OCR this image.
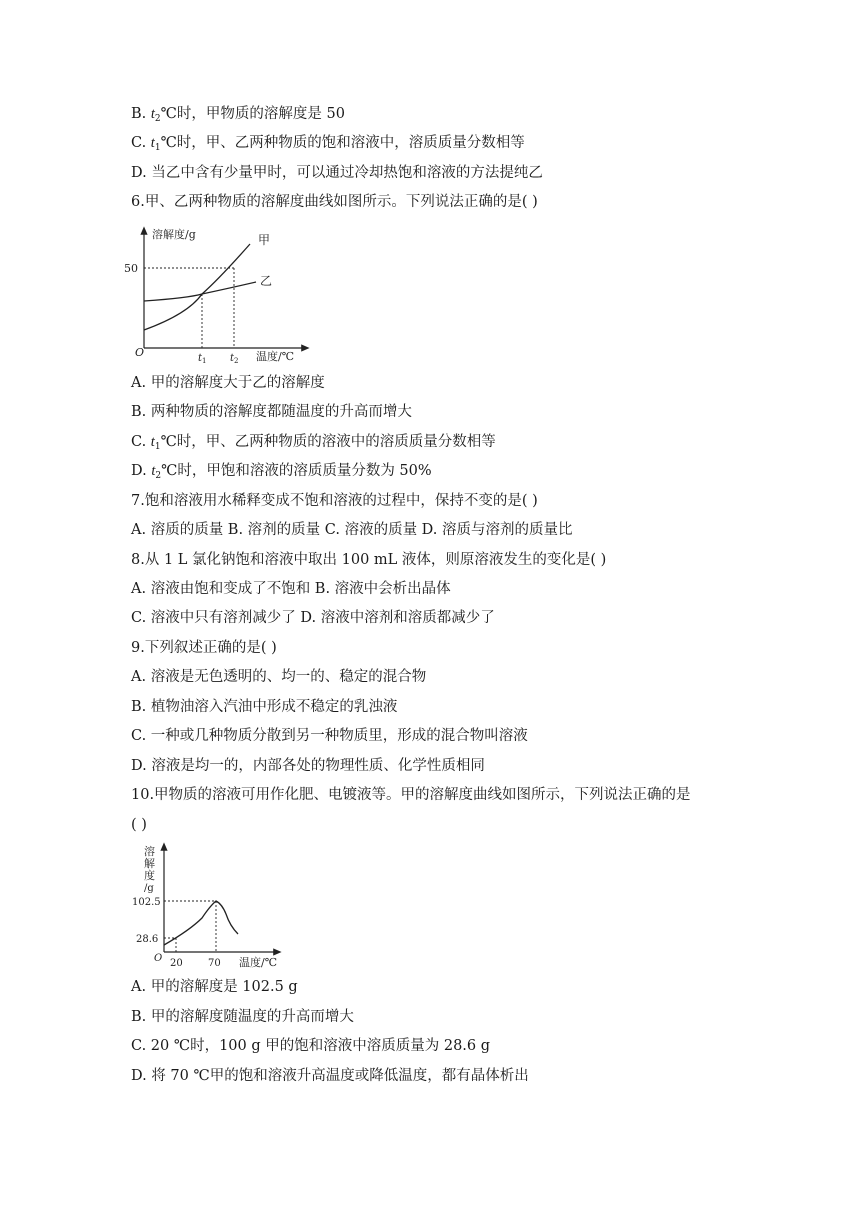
B. $t_2℃$时，甲物质的溶解度是 50
C. $t_1℃$时，甲、乙两种物质的饱和溶液中，溶质质量分数相等
D. 当乙中含有少量甲时，可以通过冷却热饱和溶液的方法提纯乙
6.甲、乙两种物质的溶解度曲线如图所示。下列说法正确的是( )
溶解度/g
温度/℃
O
50
甲
乙
$t_1$ $t_2$
A. 甲的溶解度大于乙的溶解度
B. 两种物质的溶解度都随温度的升高而增大
C. $t_1℃$时，甲、乙两种物质的溶液中的溶质质量分数相等
D. $t_2℃$时，甲饱和溶液的溶质质量分数为 50%
7.饱和溶液用水稀释变成不饱和溶液的过程中，保持不变的是( )
A. 溶质的质量 B. 溶剂的质量 C. 溶液的质量 D. 溶质与溶剂的质量比
8.从 1 L 氯化钠饱和溶液中取出 100 mL 液体，则原溶液发生的变化是( )
A. 溶液由饱和变成了不饱和 B. 溶液中会析出晶体
C. 溶液中只有溶剂减少了 D. 溶液中溶剂和溶质都减少了
9.下列叙述正确的是( )
A. 溶液是无色透明的、均一的、稳定的混合物
B. 植物油溶入汽油中形成不稳定的乳浊液
C. 一种或几种物质分散到另一种物质里，形成的混合物叫溶液
D. 溶液是均一的，内部各处的物理性质、化学性质相同
10.甲物质的溶液可用作化肥、电镀液等。甲的溶解度曲线如图所示，下列说法正确的是
( )
溶
解
度
/g
102.5
28.6
O 20	70 温度/℃
A. 甲的溶解度是 102.5 g
B. 甲的溶解度随温度的升高而增大
C. 20 ℃时，100 g 甲的饱和溶液中溶质质量为 28.6 g
D. 将 70 ℃甲的饱和溶液升高温度或降低温度，都有晶体析出
